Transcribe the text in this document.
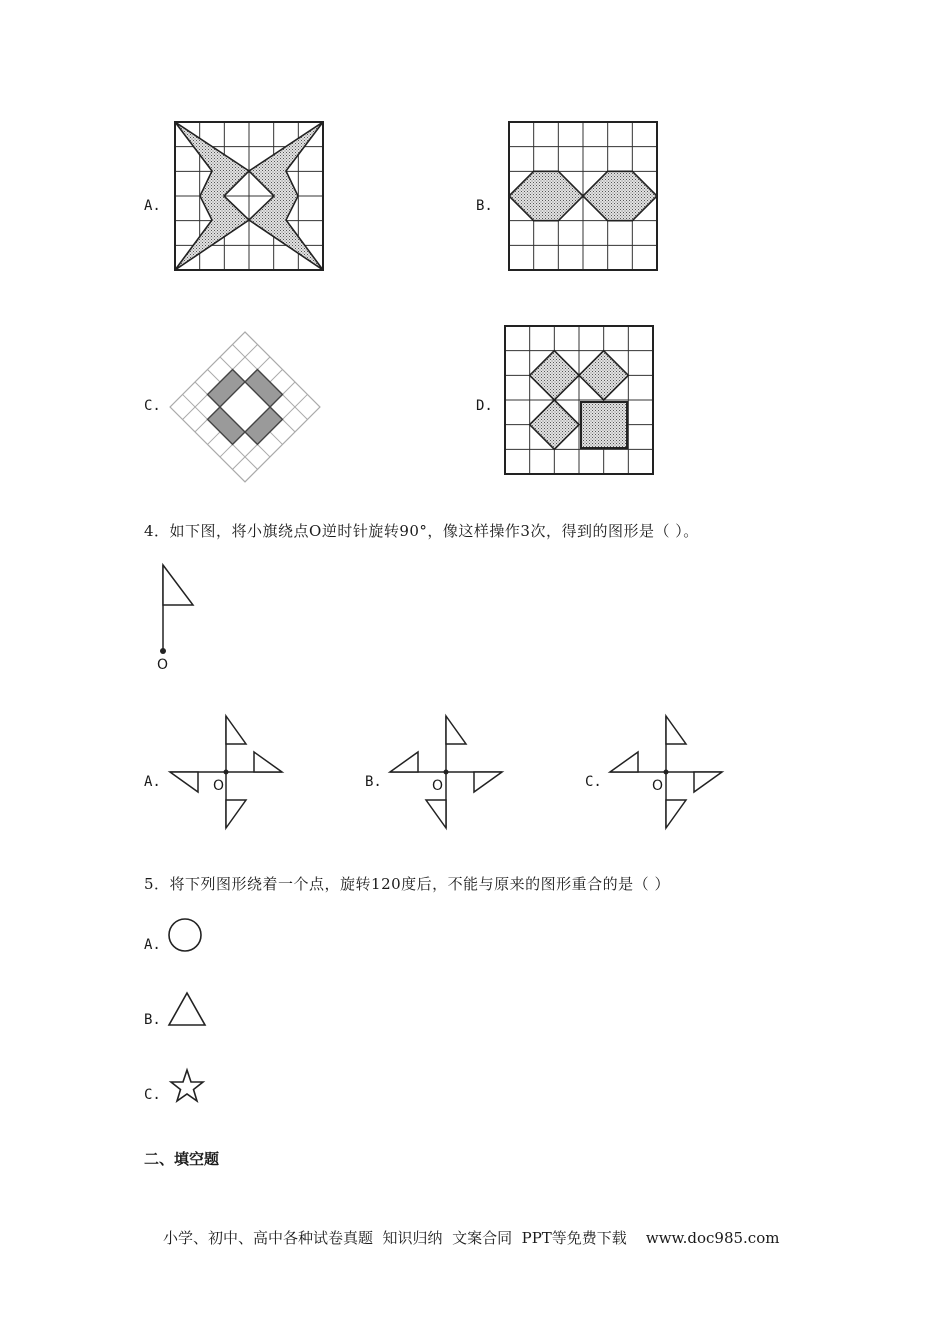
A.	B.
C.	D.
4．如下图，将小旗绕点O逆时针旋转90°，像这样操作3次，得到的图形是（ ）。
O
A.	O	B.	O	C.	O
5．将下列图形绕着一个点，旋转120度后，不能与原来的图形重合的是（ ）
A.
B.
C.
二、填空题
小学、初中、高中各种试卷真题  知识归纳  文案合同  PPT等免费下载    www.doc985.com
